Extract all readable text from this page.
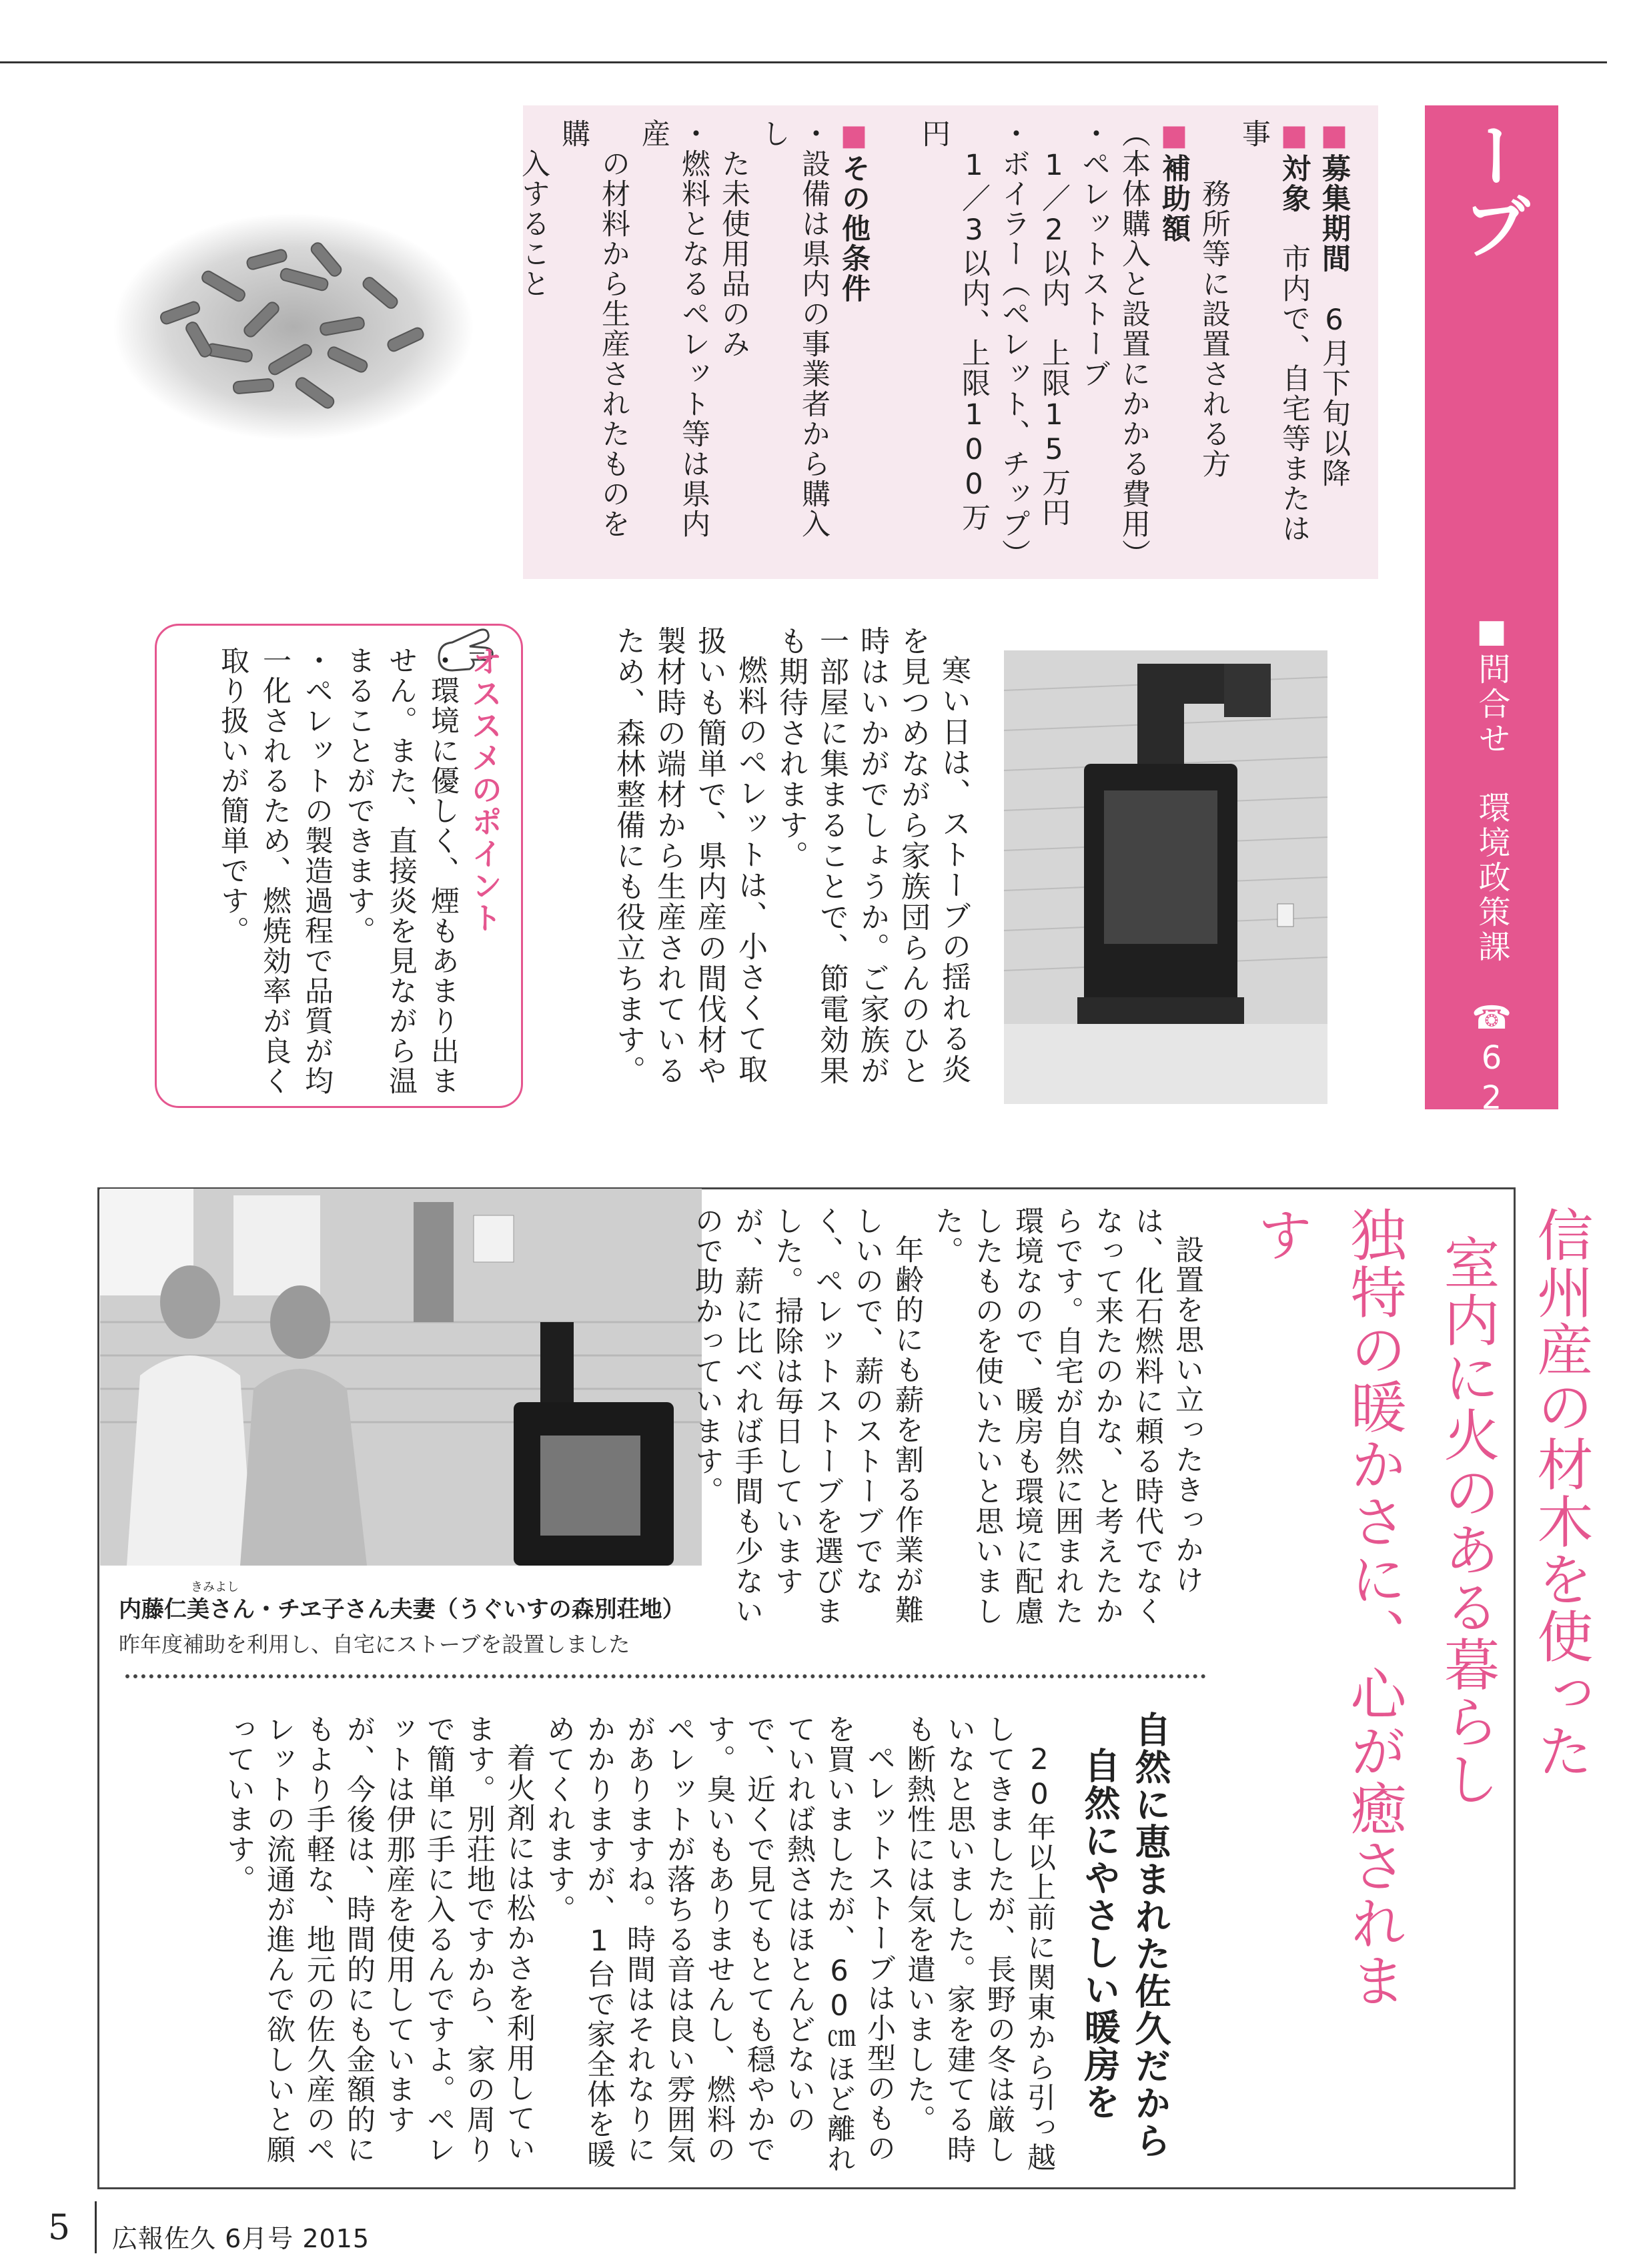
ペレットストーブ
■問合せ　環境政策課　☎62−2917
■募集期間　6月下旬以降
■対象　市内で、自宅等または事
　　務所等に設置される方
■補助額
（本体購入と設置にかかる費用）
・ペレットストーブ
　1／2以内　上限15万円
・ボイラー（ペレット、チップ）
　1／3以内、上限100万円

■その他条件
・設備は県内の事業者から購入し
　た未使用品のみ
・燃料となるペレット等は県内産
　の材料から生産されたものを購
　入すること
寒い日は、ストーブの揺れる炎を見つめながら家族団らんのひと時はいかがでしょうか。ご家族が一部屋に集まることで、節電効果も期待されます。
燃料のペレットは、小さくて取扱いも簡単で、県内産の間伐材や製材時の端材から生産されているため、森林整備にも役立ちます。
オススメのポイント
・環境に優しく、煙もあまり出ません。また、直接炎を見ながら温まることができます。
・ペレットの製造過程で品質が均一化されるため、燃焼効率が良く取り扱いが簡単です。
きみよし
内藤仁美さん・チヱ子さん夫妻（うぐいすの森別荘地）
昨年度補助を利用し、自宅にストーブを設置しました	信州産の材木を使った
室内に火のある暮らし
独特の暖かさに、心が癒されます
設置を思い立ったきっかけは、化石燃料に頼る時代でなくなって来たのかな、と考えたからです。自宅が自然に囲まれた環境なので、暖房も環境に配慮したものを使いたいと思いました。
年齢的にも薪を割る作業が難しいので、薪のストーブでなく、ペレットストーブを選びました。掃除は毎日していますが、薪に比べれば手間も少ないので助かっています。
自然に恵まれた佐久だから
自然にやさしい暖房を
20年以上前に関東から引っ越してきましたが、長野の冬は厳しいなと思いました。家を建てる時も断熱性には気を遣いました。
ペレットストーブは小型のものを買いましたが、60㎝ほど離れていれば熱さはほとんどないので、近くで見てもとても穏やかです。臭いもありませんし、燃料のペレットが落ちる音は良い雰囲気がありますね。時間はそれなりにかかりますが、1台で家全体を暖めてくれます。
着火剤には松かさを利用しています。別荘地ですから、家の周りで簡単に手に入るんですよ。ペレットは伊那産を使用していますが、今後は、時間的にも金額的にもより手軽な、地元の佐久産のペレットの流通が進んで欲しいと願っています。
5 広報佐久 6月号 2015
